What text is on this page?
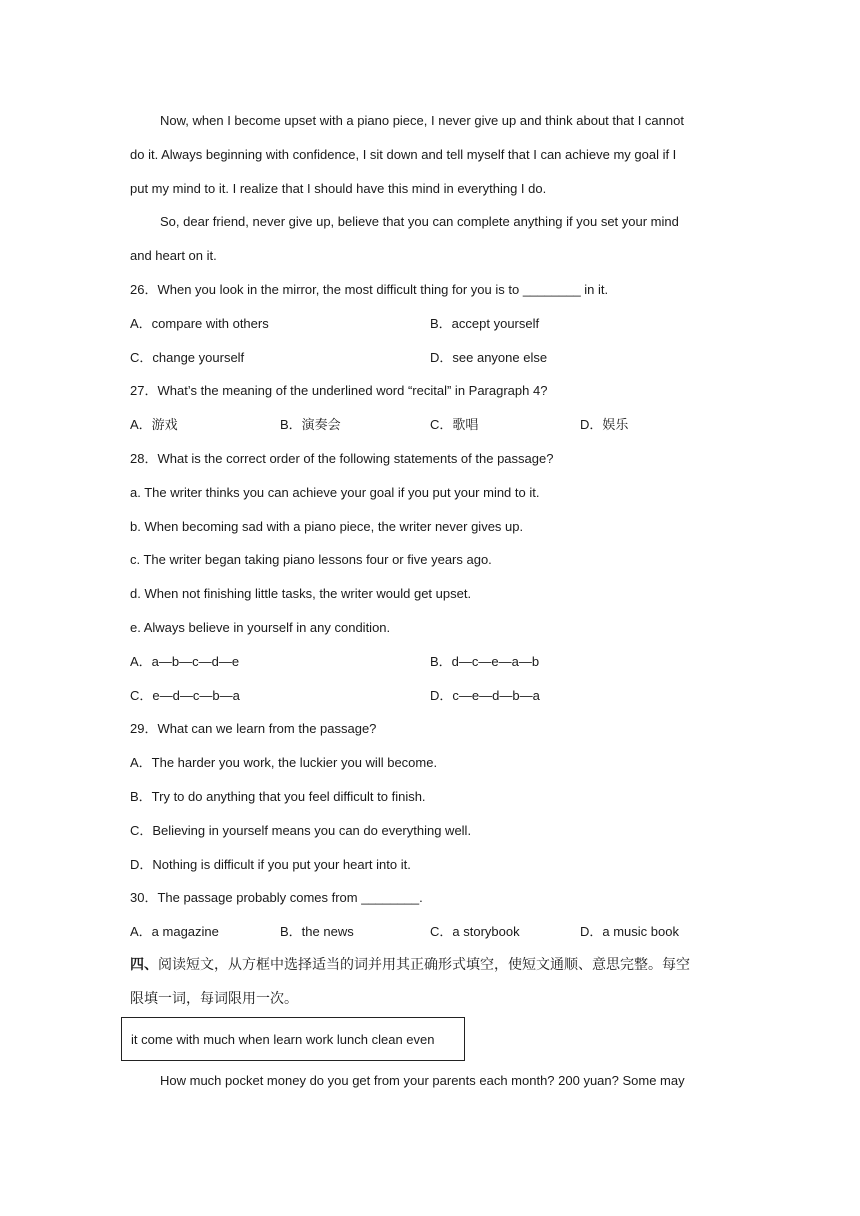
Now, when I become upset with a piano piece, I never give up and think about that I cannot
do it. Always beginning with confidence, I sit down and tell myself that I can achieve my goal if I
put my mind to it. I realize that I should have this mind in everything I do.
So, dear friend, never give up, believe that you can complete anything if you set your mind
and heart on it.
26．When you look in the mirror, the most difficult thing for you is to ________ in it.
A．compare with others	B．accept yourself
C．change yourself	D．see anyone else
27．What’s the meaning of the underlined word “recital” in Paragraph 4?
A．游戏	B．演奏会	C．歌唱	D．娱乐
28．What is the correct order of the following statements of the passage?
a. The writer thinks you can achieve your goal if you put your mind to it.
b. When becoming sad with a piano piece, the writer never gives up.
c. The writer began taking piano lessons four or five years ago.
d. When not finishing little tasks, the writer would get upset.
e. Always believe in yourself in any condition.
A．a—b—c—d—e	B．d—c—e—a—b
C．e—d—c—b—a	D．c—e—d—b—a
29．What can we learn from the passage?
A．The harder you work, the luckier you will become.
B．Try to do anything that you feel difficult to finish.
C．Believing in yourself means you can do everything well.
D．Nothing is difficult if you put your heart into it.
30．The passage probably comes from ________.
A．a magazine	B．the news	C．a storybook	D．a music book
四、阅读短文，从方框中选择适当的词并用其正确形式填空，使短文通顺、意思完整。每空
限填一词，每词限用一次。
it come with much when learn work lunch clean even
How much pocket money do you get from your parents each month? 200 yuan? Some may
